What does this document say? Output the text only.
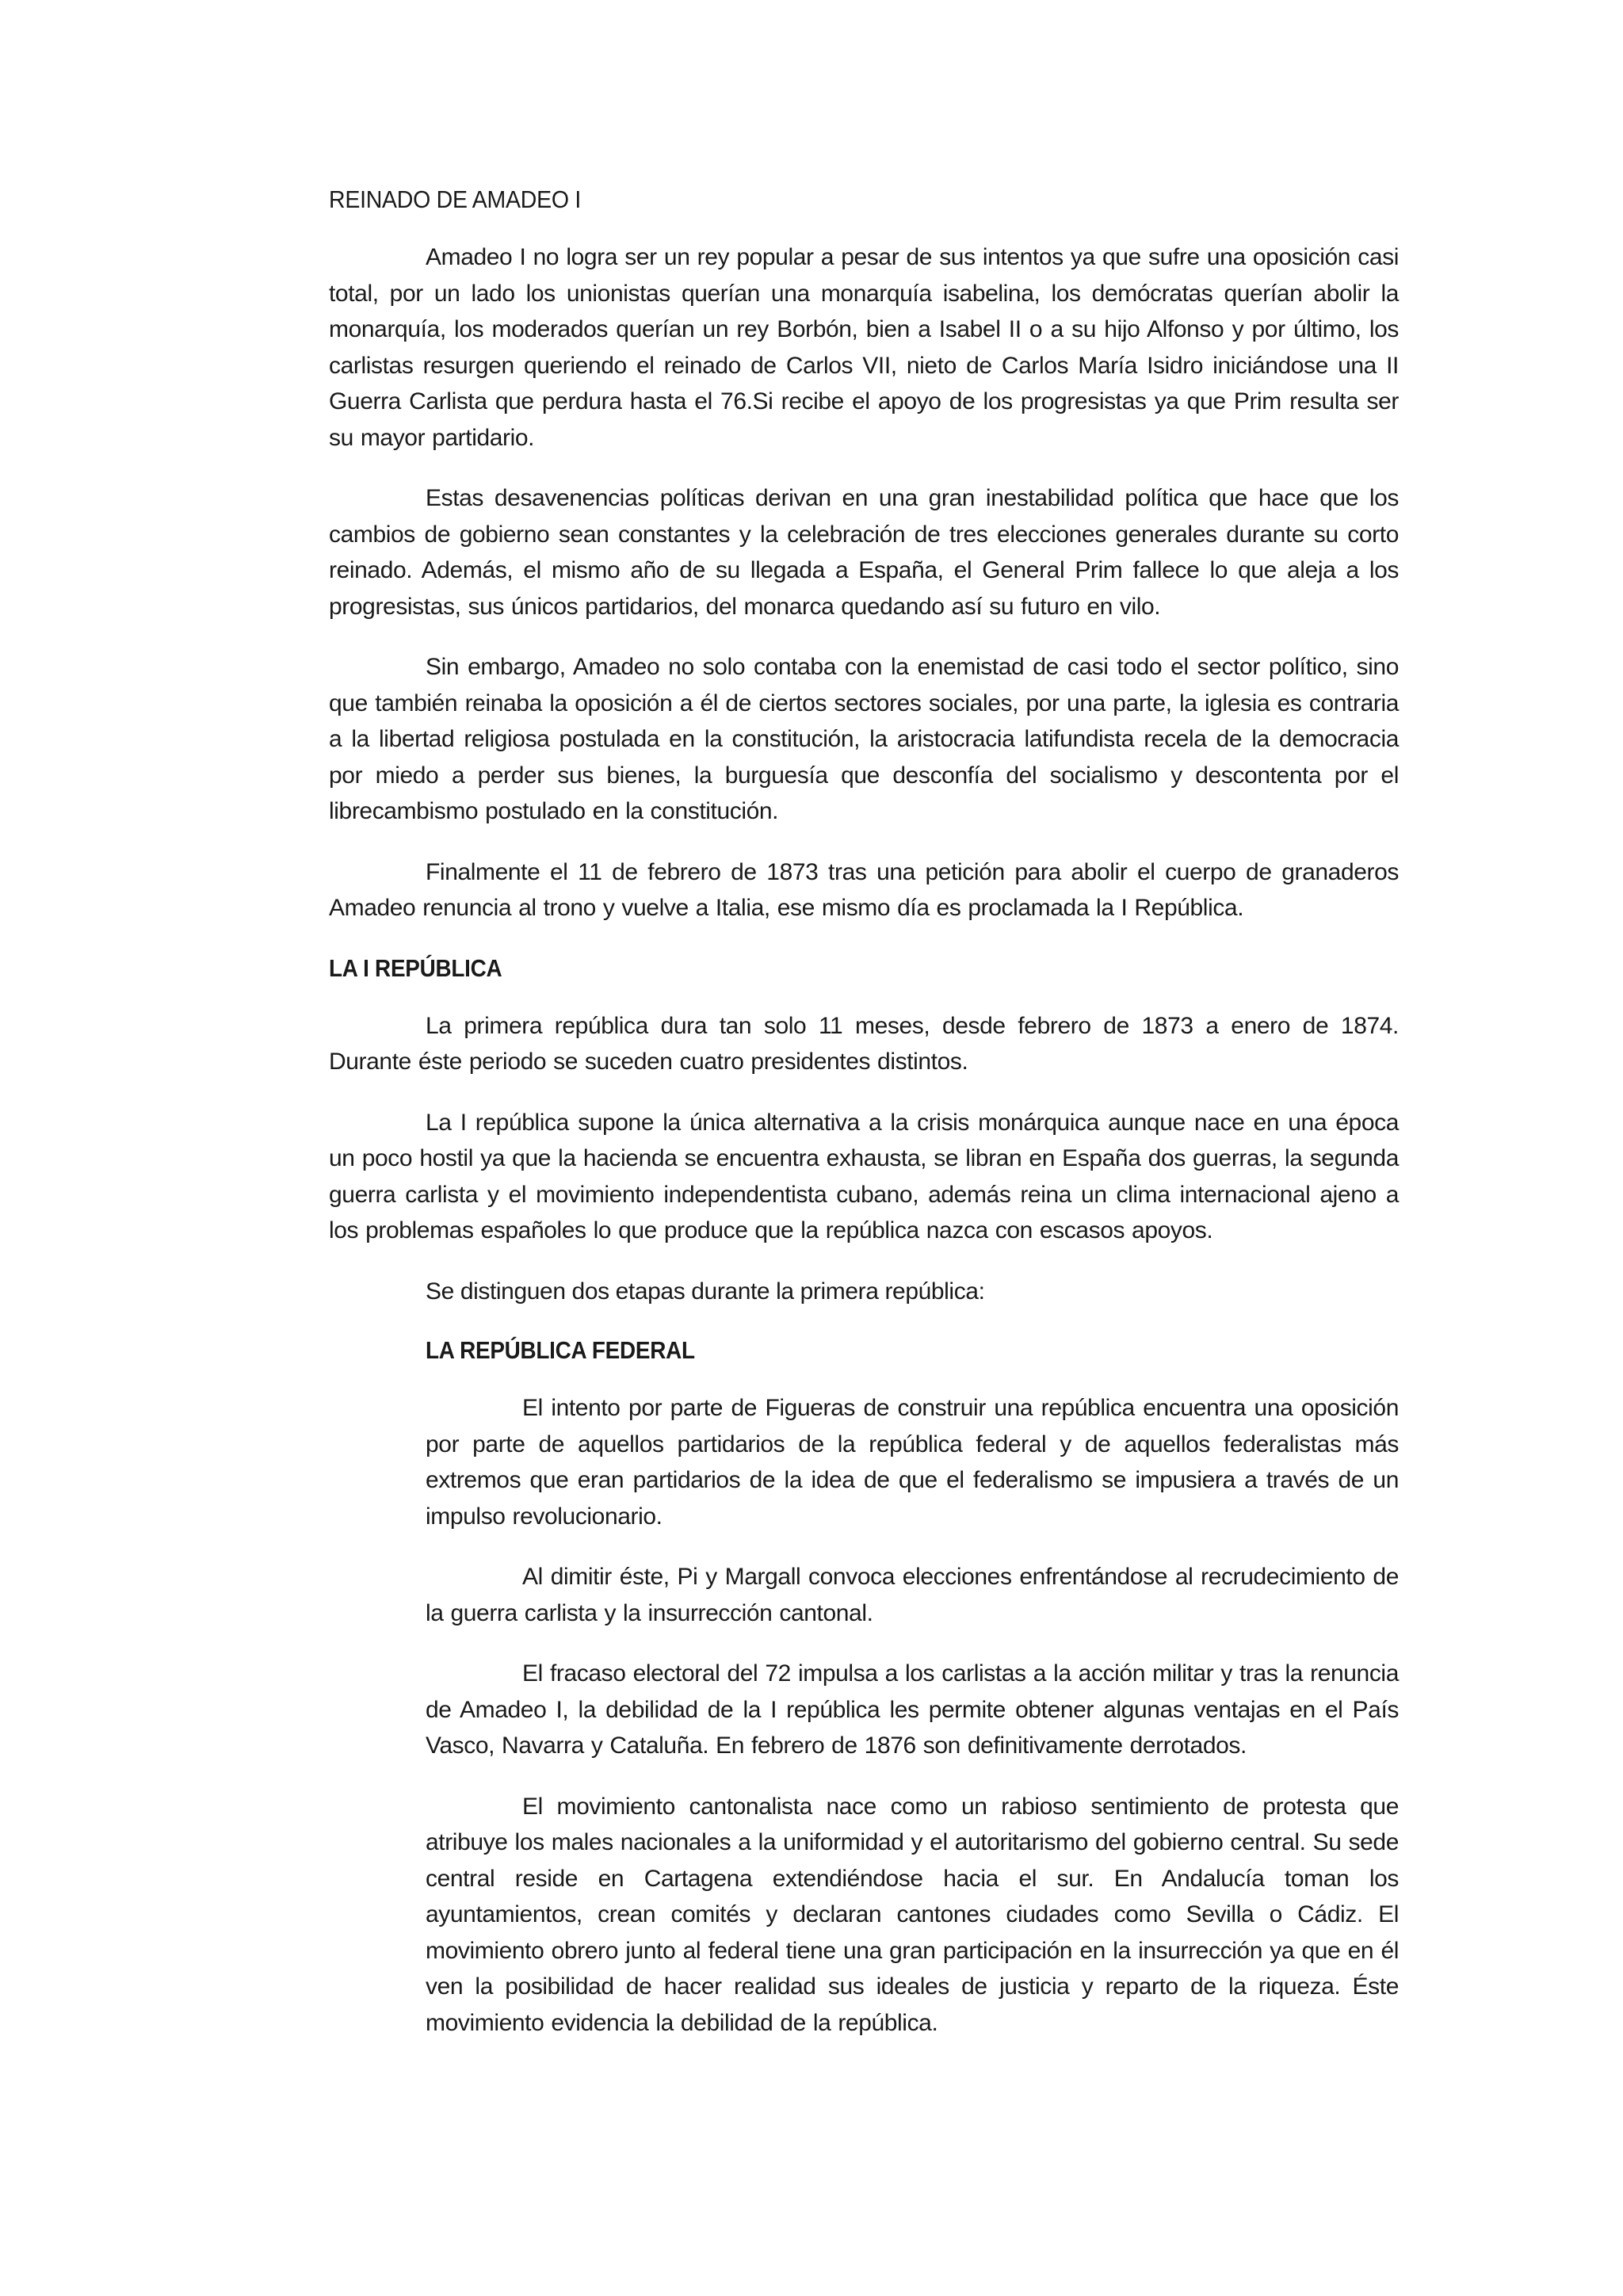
REINADO DE AMADEO I

Amadeo I no logra ser un rey popular a pesar de sus intentos ya que sufre una oposición casi total, por un lado los unionistas querían una monarquía isabelina, los demócratas querían abolir la monarquía, los moderados querían un rey Borbón, bien a Isabel II o a su hijo Alfonso y por último, los carlistas resurgen queriendo el reinado de Carlos VII, nieto de Carlos María Isidro iniciándose una II Guerra Carlista que perdura hasta el 76.Si recibe el apoyo de los progresistas ya que Prim resulta ser su mayor partidario.

Estas desavenencias políticas derivan en una gran inestabilidad política que hace que los cambios de gobierno sean constantes y la celebración de tres elecciones generales durante su corto reinado. Además, el mismo año de su llegada a España, el General Prim fallece lo que aleja a los progresistas, sus únicos partidarios, del monarca quedando así su futuro en vilo.

Sin embargo, Amadeo no solo contaba con la enemistad de casi todo el sector político, sino que también reinaba la oposición a él de ciertos sectores sociales, por una parte, la iglesia es contraria a la libertad religiosa postulada en la constitución, la aristocracia latifundista recela de la democracia por miedo a perder sus bienes, la burguesía que desconfía del socialismo y descontenta por el librecambismo postulado en la constitución.

Finalmente el 11 de febrero de 1873 tras una petición para abolir el cuerpo de granaderos Amadeo renuncia al trono y vuelve a Italia, ese mismo día es proclamada la I República.

LA I REPÚBLICA

La primera república dura tan solo 11 meses, desde febrero de 1873 a enero de 1874. Durante éste periodo se suceden cuatro presidentes distintos.

La I república supone la única alternativa a la crisis monárquica aunque nace en una época un poco hostil ya que la hacienda se encuentra exhausta, se libran en España dos guerras, la segunda guerra carlista y el movimiento independentista cubano, además reina un clima internacional ajeno a los problemas españoles lo que produce que la república nazca con escasos apoyos.

Se distinguen dos etapas durante la primera república:

LA REPÚBLICA FEDERAL

El intento por parte de Figueras de construir una república encuentra una oposición por parte de aquellos partidarios de la república federal y de aquellos federalistas más extremos que eran partidarios de la idea de que el federalismo se impusiera a través de un impulso revolucionario.

Al dimitir éste, Pi y Margall convoca elecciones enfrentándose al recrudecimiento de la guerra carlista y la insurrección cantonal.

El fracaso electoral del 72 impulsa a los carlistas a la acción militar y tras la renuncia de Amadeo I, la debilidad de la I república les permite obtener algunas ventajas en el País Vasco, Navarra y Cataluña. En febrero de 1876 son definitivamente derrotados.

El movimiento cantonalista nace como un rabioso sentimiento de protesta que atribuye los males nacionales a la uniformidad y el autoritarismo del gobierno central. Su sede central reside en Cartagena extendiéndose hacia el sur. En Andalucía toman los ayuntamientos, crean comités y declaran cantones ciudades como Sevilla o Cádiz. El movimiento obrero junto al federal tiene una gran participación en la insurrección ya que en él ven la posibilidad de hacer realidad sus ideales de justicia y reparto de la riqueza. Éste movimiento evidencia la debilidad de la república.
